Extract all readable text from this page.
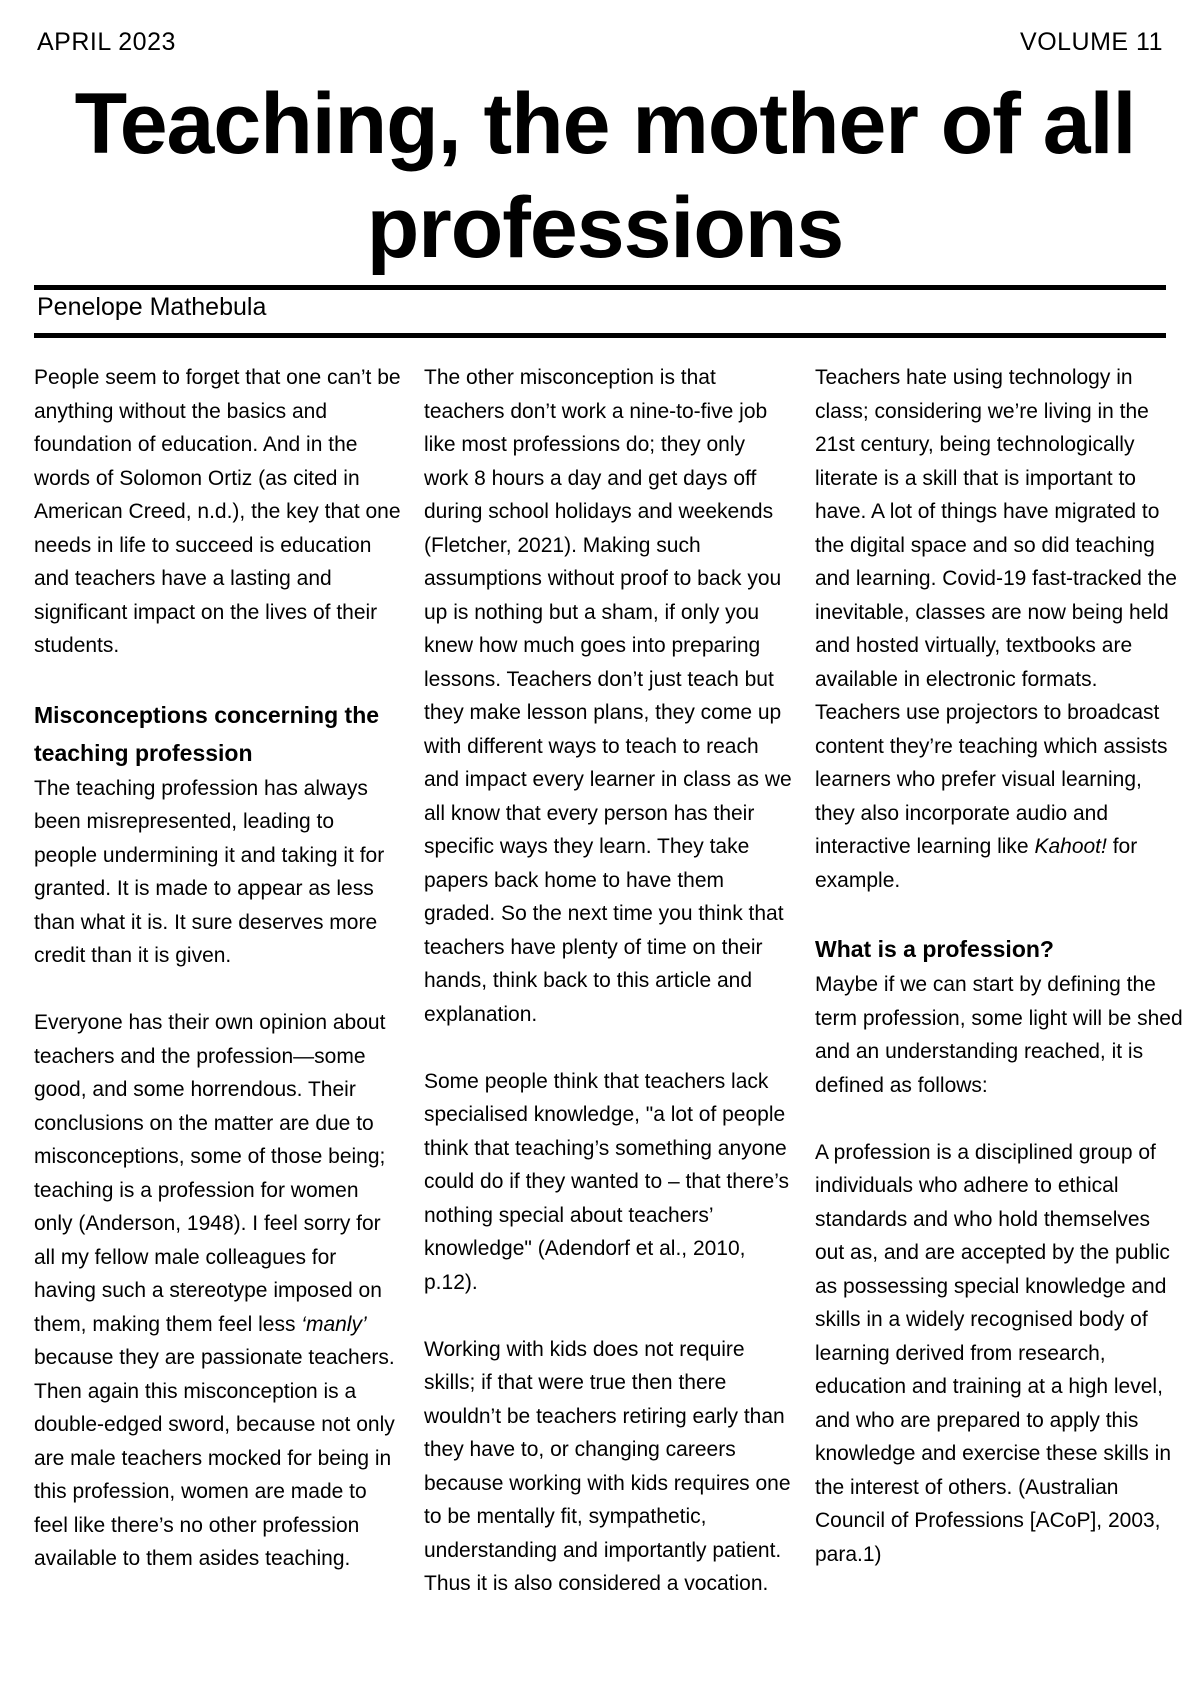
APRIL 2023	VOLUME 11
Teaching, the mother of all professions
Penelope Mathebula

People seem to forget that one can’t be anything without the basics and foundation of education. And in the words of Solomon Ortiz (as cited in American Creed, n.d.), the key that one needs in life to succeed is education and teachers have a lasting and significant impact on the lives of their students.

Misconceptions concerning the teaching profession

The teaching profession has always been misrepresented, leading to people undermining it and taking it for granted. It is made to appear as less than what it is. It sure deserves more credit than it is given.

Everyone has their own opinion about teachers and the profession—some good, and some horrendous. Their conclusions on the matter are due to misconceptions, some of those being; teaching is a profession for women only (Anderson, 1948). I feel sorry for all my fellow male colleagues for having such a stereotype imposed on them, making them feel less ‘manly’ because they are passionate teachers. Then again this misconception is a double-edged sword, because not only are male teachers mocked for being in this profession, women are made to feel like there’s no other profession available to them asides teaching.

The other misconception is that teachers don’t work a nine-to-five job like most professions do; they only work 8 hours a day and get days off during school holidays and weekends (Fletcher, 2021). Making such assumptions without proof to back you up is nothing but a sham, if only you knew how much goes into preparing lessons. Teachers don’t just teach but they make lesson plans, they come up with different ways to teach to reach and impact every learner in class as we all know that every person has their specific ways they learn. They take papers back home to have them graded. So the next time you think that teachers have plenty of time on their hands, think back to this article and explanation.

Some people think that teachers lack specialised knowledge, "a lot of people think that teaching’s something anyone could do if they wanted to – that there’s nothing special about teachers’ knowledge" (Adendorf et al., 2010, p.12).

Working with kids does not require skills; if that were true then there wouldn’t be teachers retiring early than they have to, or changing careers because working with kids requires one to be mentally fit, sympathetic, understanding and importantly patient. Thus it is also considered a vocation.

Teachers hate using technology in class; considering we’re living in the 21st century, being technologically literate is a skill that is important to have. A lot of things have migrated to the digital space and so did teaching and learning. Covid-19 fast-tracked the inevitable, classes are now being held and hosted virtually, textbooks are available in electronic formats. Teachers use projectors to broadcast content they’re teaching which assists learners who prefer visual learning, they also incorporate audio and interactive learning like Kahoot! for example.

What is a profession?

Maybe if we can start by defining the term profession, some light will be shed and an understanding reached, it is defined as follows:

A profession is a disciplined group of individuals who adhere to ethical standards and who hold themselves out as, and are accepted by the public as possessing special knowledge and skills in a widely recognised body of learning derived from research, education and training at a high level, and who are prepared to apply this knowledge and exercise these skills in the interest of others. (Australian Council of Professions [ACoP], 2003, para.1)
